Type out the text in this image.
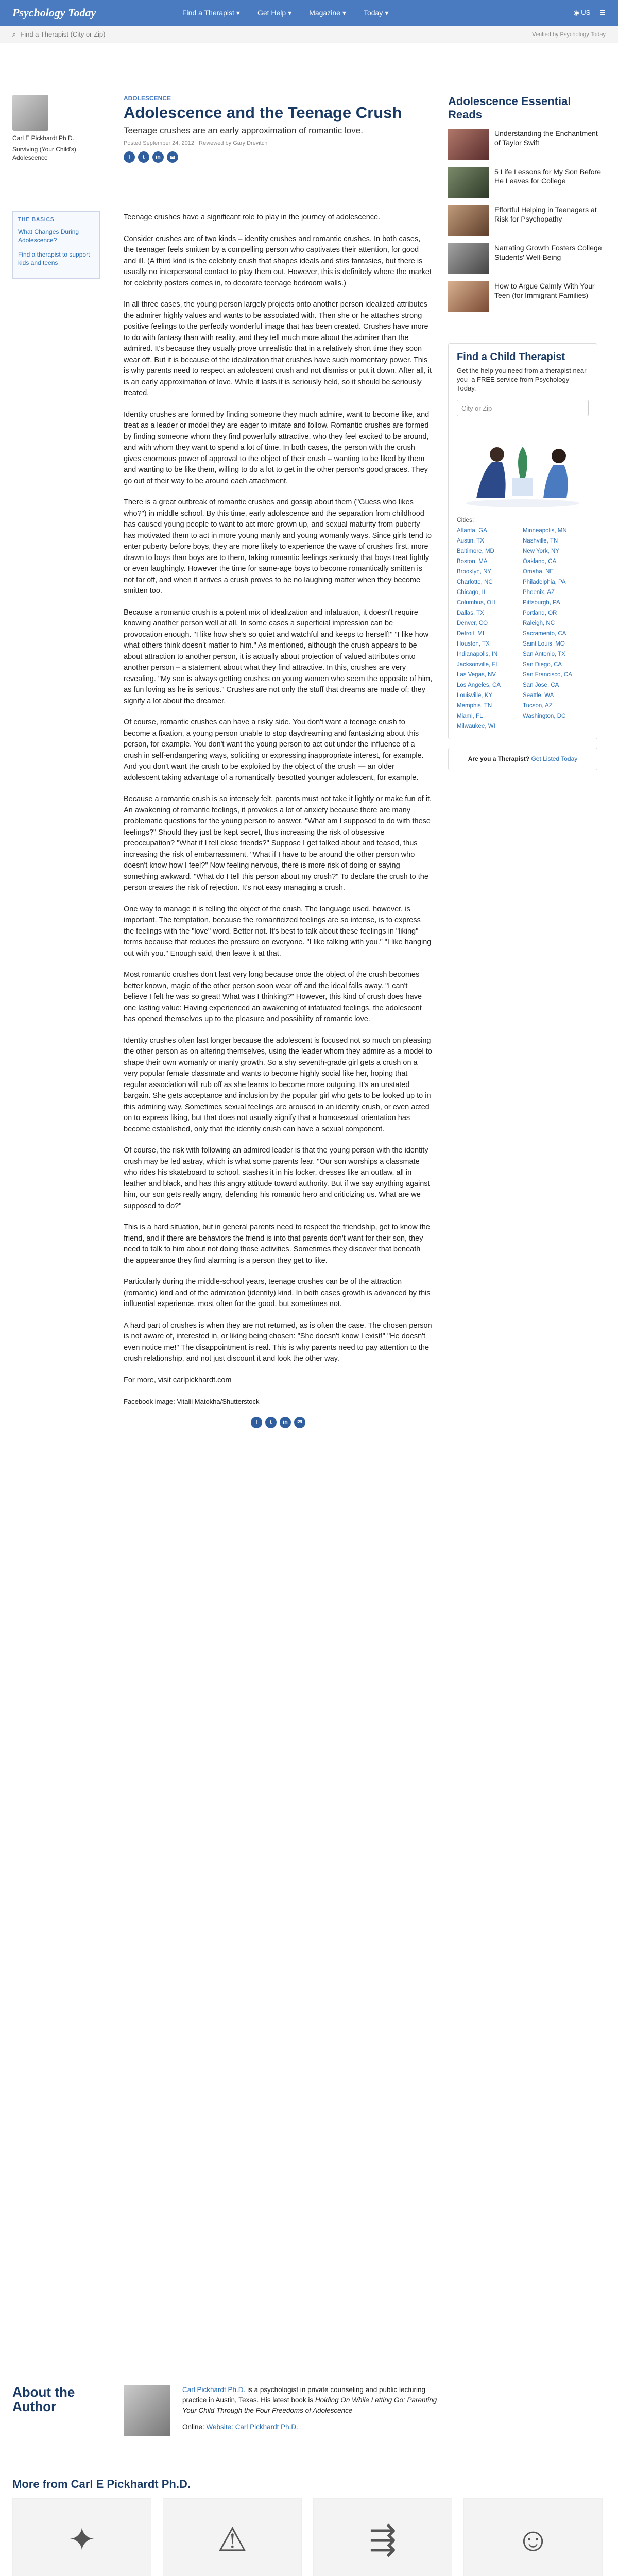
Psychology Today	Find a Therapist ▾ Get Help ▾ Magazine ▾ Today ▾	◉ US ☰
⌕ Find a Therapist (City or Zip)	Verified by Psychology Today
Carl E Pickhardt Ph.D.
Surviving (Your Child's) Adolescence
THE BASICS
What Changes During Adolescence?
Find a therapist to support kids and teens
ADOLESCENCE
Adolescence and the Teenage Crush
Teenage crushes are an early approximation of romantic love.
Posted September 24, 2012 Reviewed by Gary Drevitch
f	t	in	✉

Teenage crushes have a significant role to play in the journey of adolescence.

Consider crushes are of two kinds – identity crushes and romantic crushes. In both cases, the teenager feels smitten by a compelling person who captivates their attention, for good and ill. (A third kind is the celebrity crush that shapes ideals and stirs fantasies, but there is usually no interpersonal contact to play them out. However, this is definitely where the market for celebrity posters comes in, to decorate teenage bedroom walls.)

In all three cases, the young person largely projects onto another person idealized attributes the admirer highly values and wants to be associated with. Then she or he attaches strong positive feelings to the perfectly wonderful image that has been created. Crushes have more to do with fantasy than with reality, and they tell much more about the admirer than the admired. It's because they usually prove unrealistic that in a relatively short time they soon wear off. But it is because of the idealization that crushes have such momentary power. This is why parents need to respect an adolescent crush and not dismiss or put it down. After all, it is an early approximation of love. While it lasts it is seriously held, so it should be seriously treated.

Identity crushes are formed by finding someone they much admire, want to become like, and treat as a leader or model they are eager to imitate and follow. Romantic crushes are formed by finding someone whom they find powerfully attractive, who they feel excited to be around, and with whom they want to spend a lot of time. In both cases, the person with the crush gives enormous power of approval to the object of their crush – wanting to be liked by them and wanting to be like them, willing to do a lot to get in the other person's good graces. They go out of their way to be around each attachment.

There is a great outbreak of romantic crushes and gossip about them ("Guess who likes who?") in middle school. By this time, early adolescence and the separation from childhood has caused young people to want to act more grown up, and sexual maturity from puberty has motivated them to act in more young manly and young womanly ways. Since girls tend to enter puberty before boys, they are more likely to experience the wave of crushes first, more drawn to boys than boys are to them, taking romantic feelings seriously that boys treat lightly or even laughingly. However the time for same-age boys to become romantically smitten is not far off, and when it arrives a crush proves to be no laughing matter when they become smitten too.

Because a romantic crush is a potent mix of idealization and infatuation, it doesn't require knowing another person well at all. In some cases a superficial impression can be provocation enough. "I like how she's so quiet and watchful and keeps to herself!" "I like how what others think doesn't matter to him." As mentioned, although the crush appears to be about attraction to another person, it is actually about projection of valued attributes onto another person – a statement about what they find attractive. In this, crushes are very revealing. "My son is always getting crushes on young women who seem the opposite of him, as fun loving as he is serious." Crushes are not only the stuff that dreams are made of; they signify a lot about the dreamer.

Of course, romantic crushes can have a risky side. You don't want a teenage crush to become a fixation, a young person unable to stop daydreaming and fantasizing about this person, for example. You don't want the young person to act out under the influence of a crush in self-endangering ways, soliciting or expressing inappropriate interest, for example. And you don't want the crush to be exploited by the object of the crush — an older adolescent taking advantage of a romantically besotted younger adolescent, for example.

Because a romantic crush is so intensely felt, parents must not take it lightly or make fun of it. An awakening of romantic feelings, it provokes a lot of anxiety because there are many problematic questions for the young person to answer. "What am I supposed to do with these feelings?" Should they just be kept secret, thus increasing the risk of obsessive preoccupation? "What if I tell close friends?" Suppose I get talked about and teased, thus increasing the risk of embarrassment. "What if I have to be around the other person who doesn't know how I feel?" Now feeling nervous, there is more risk of doing or saying something awkward. "What do I tell this person about my crush?" To declare the crush to the person creates the risk of rejection. It's not easy managing a crush.

One way to manage it is telling the object of the crush. The language used, however, is important. The temptation, because the romanticized feelings are so intense, is to express the feelings with the "love" word. Better not. It's best to talk about these feelings in "liking" terms because that reduces the pressure on everyone. "I like talking with you." "I like hanging out with you." Enough said, then leave it at that.

Most romantic crushes don't last very long because once the object of the crush becomes better known, magic of the other person soon wear off and the ideal falls away. "I can't believe I felt he was so great! What was I thinking?" However, this kind of crush does have one lasting value: Having experienced an awakening of infatuated feelings, the adolescent has opened themselves up to the pleasure and possibility of romantic love.

Identity crushes often last longer because the adolescent is focused not so much on pleasing the other person as on altering themselves, using the leader whom they admire as a model to shape their own womanly or manly growth. So a shy seventh-grade girl gets a crush on a very popular female classmate and wants to become highly social like her, hoping that regular association will rub off as she learns to become more outgoing. It's an unstated bargain. She gets acceptance and inclusion by the popular girl who gets to be looked up to in this admiring way. Sometimes sexual feelings are aroused in an identity crush, or even acted on to express liking, but that does not usually signify that a homosexual orientation has become established, only that the identity crush can have a sexual component.

Of course, the risk with following an admired leader is that the young person with the identity crush may be led astray, which is what some parents fear. "Our son worships a classmate who rides his skateboard to school, stashes it in his locker, dresses like an outlaw, all in leather and black, and has this angry attitude toward authority. But if we say anything against him, our son gets really angry, defending his romantic hero and criticizing us. What are we supposed to do?"

This is a hard situation, but in general parents need to respect the friendship, get to know the friend, and if there are behaviors the friend is into that parents don't want for their son, they need to talk to him about not doing those activities. Sometimes they discover that beneath the appearance they find alarming is a person they get to like.

Particularly during the middle-school years, teenage crushes can be of the attraction (romantic) kind and of the admiration (identity) kind. In both cases growth is advanced by this influential experience, most often for the good, but sometimes not.

A hard part of crushes is when they are not returned, as is often the case. The chosen person is not aware of, interested in, or liking being chosen: "She doesn't know I exist!" "He doesn't even notice me!" The disappointment is real. This is why parents need to pay attention to the crush relationship, and not just discount it and look the other way.

For more, visit carlpickhardt.com

Facebook image: Vitalii Matokha/Shutterstock
f	t	in	✉
Adolescence Essential Reads
Understanding the Enchantment of Taylor Swift
5 Life Lessons for My Son Before He Leaves for College
Effortful Helping in Teenagers at Risk for Psychopathy
Narrating Growth Fosters College Students' Well-Being
How to Argue Calmly With Your Teen (for Immigrant Families)
Find a Child Therapist
Get the help you need from a therapist near you–a FREE service from Psychology Today.
City or Zip
Cities:
Atlanta, GA	Minneapolis, MN
Austin, TX	Nashville, TN
Baltimore, MD	New York, NY
Boston, MA	Oakland, CA
Brooklyn, NY	Omaha, NE
Charlotte, NC	Philadelphia, PA
Chicago, IL	Phoenix, AZ
Columbus, OH	Pittsburgh, PA
Dallas, TX	Portland, OR
Denver, CO	Raleigh, NC
Detroit, MI	Sacramento, CA
Houston, TX	Saint Louis, MO
Indianapolis, IN	San Antonio, TX
Jacksonville, FL	San Diego, CA
Las Vegas, NV	San Francisco, CA
Los Angeles, CA	San Jose, CA
Louisville, KY	Seattle, WA
Memphis, TN	Tucson, AZ
Miami, FL	Washington, DC
Milwaukee, WI
Are you a Therapist? Get Listed Today
About the Author
Carl Pickhardt Ph.D. is a psychologist in private counseling and public lecturing practice in Austin, Texas. His latest book is Holding On While Letting Go: Parenting Your Child Through the Four Freedoms of Adolescence
Online: Website: Carl Pickhardt Ph.D.
More from Carl E Pickhardt Ph.D.
✦	⚠	⇶	☺
